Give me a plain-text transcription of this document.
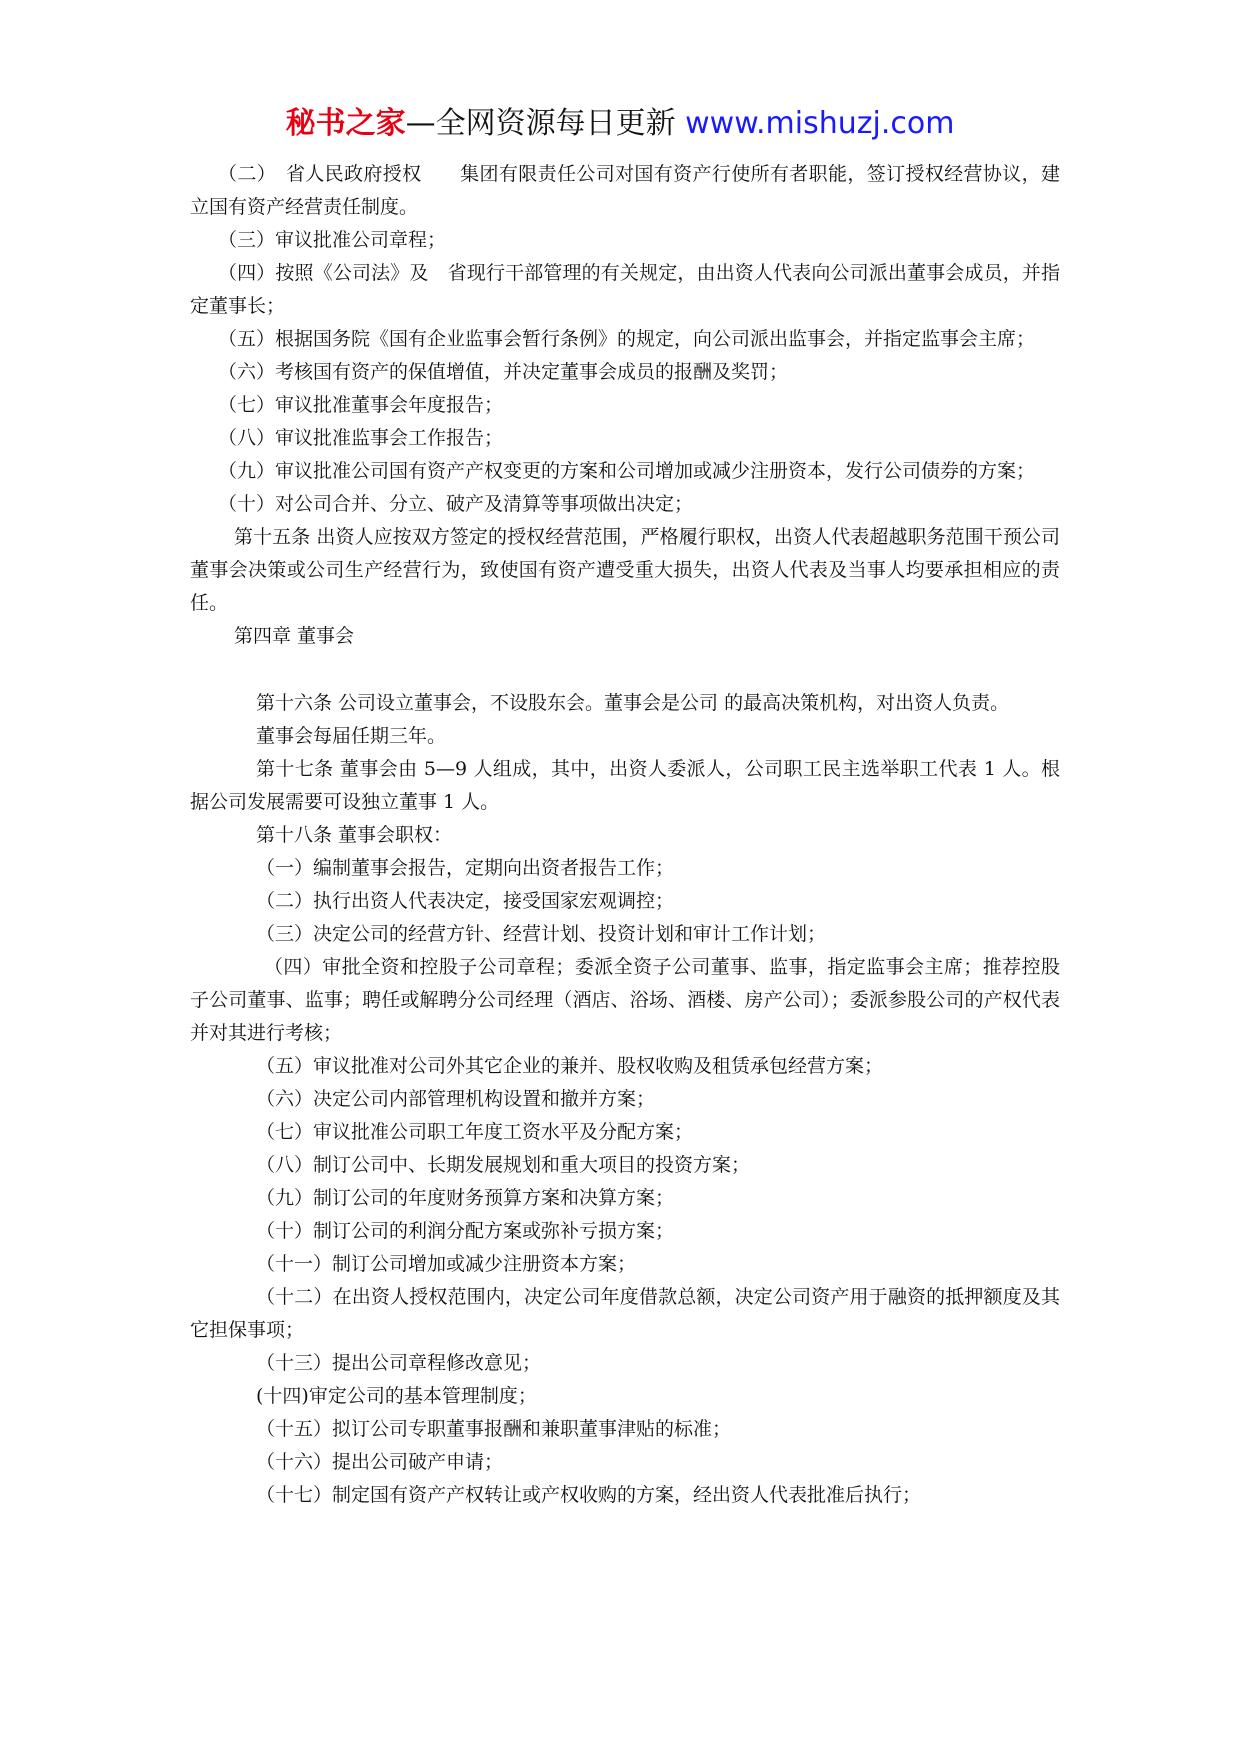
秘书之家—全网资源每日更新 www.mishuzj.com

（二）　省人民政府授权　　集团有限责任公司对国有资产行使所有者职能，签订授权经营协议，建立国有资产经营责任制度。

（三）审议批准公司章程；

（四）按照《公司法》及　省现行干部管理的有关规定，由出资人代表向公司派出董事会成员，并指定董事长；

（五）根据国务院《国有企业监事会暂行条例》的规定，向公司派出监事会，并指定监事会主席；

（六）考核国有资产的保值增值，并决定董事会成员的报酬及奖罚；

（七）审议批准董事会年度报告；

（八）审议批准监事会工作报告；

（九）审议批准公司国有资产产权变更的方案和公司增加或减少注册资本，发行公司债券的方案；

（十）对公司合并、分立、破产及清算等事项做出决定；

第十五条 出资人应按双方签定的授权经营范围，严格履行职权，出资人代表超越职务范围干预公司董事会决策或公司生产经营行为，致使国有资产遭受重大损失，出资人代表及当事人均要承担相应的责任。

第四章 董事会

第十六条 公司设立董事会，不设股东会。董事会是公司 的最高决策机构，对出资人负责。

董事会每届任期三年。

第十七条 董事会由 5—9 人组成，其中，出资人委派人，公司职工民主选举职工代表 1 人。根据公司发展需要可设独立董事 1 人。

第十八条 董事会职权：

（一）编制董事会报告，定期向出资者报告工作；

（二）执行出资人代表决定，接受国家宏观调控；

（三）决定公司的经营方针、经营计划、投资计划和审计工作计划；

（四）审批全资和控股子公司章程；委派全资子公司董事、监事，指定监事会主席；推荐控股子公司董事、监事；聘任或解聘分公司经理（酒店、浴场、酒楼、房产公司）；委派参股公司的产权代表并对其进行考核；

（五）审议批准对公司外其它企业的兼并、股权收购及租赁承包经营方案；

（六）决定公司内部管理机构设置和撤并方案；

（七）审议批准公司职工年度工资水平及分配方案；

（八）制订公司中、长期发展规划和重大项目的投资方案；

（九）制订公司的年度财务预算方案和决算方案；

（十）制订公司的利润分配方案或弥补亏损方案；

（十一）制订公司增加或减少注册资本方案；

（十二）在出资人授权范围内，决定公司年度借款总额，决定公司资产用于融资的抵押额度及其它担保事项；

（十三）提出公司章程修改意见；

(十四)审定公司的基本管理制度；

（十五）拟订公司专职董事报酬和兼职董事津贴的标准；

（十六）提出公司破产申请；

（十七）制定国有资产产权转让或产权收购的方案，经出资人代表批准后执行；
